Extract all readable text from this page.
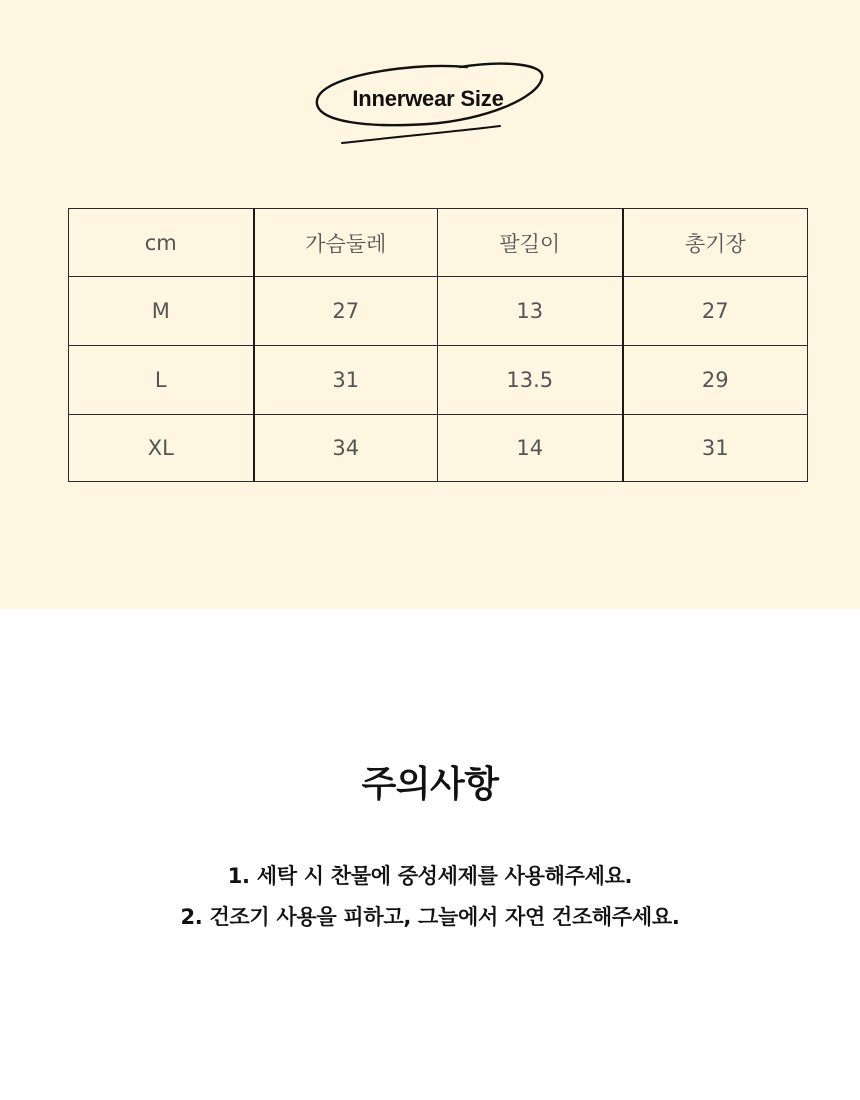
Innerwear Size
cm	가슴둘레	팔길이	총기장
M	27	13	27
L	31	13.5	29
XL	34	14	31
주의사항
1. 세탁 시 찬물에 중성세제를 사용해주세요.
2. 건조기 사용을 피하고, 그늘에서 자연 건조해주세요.
